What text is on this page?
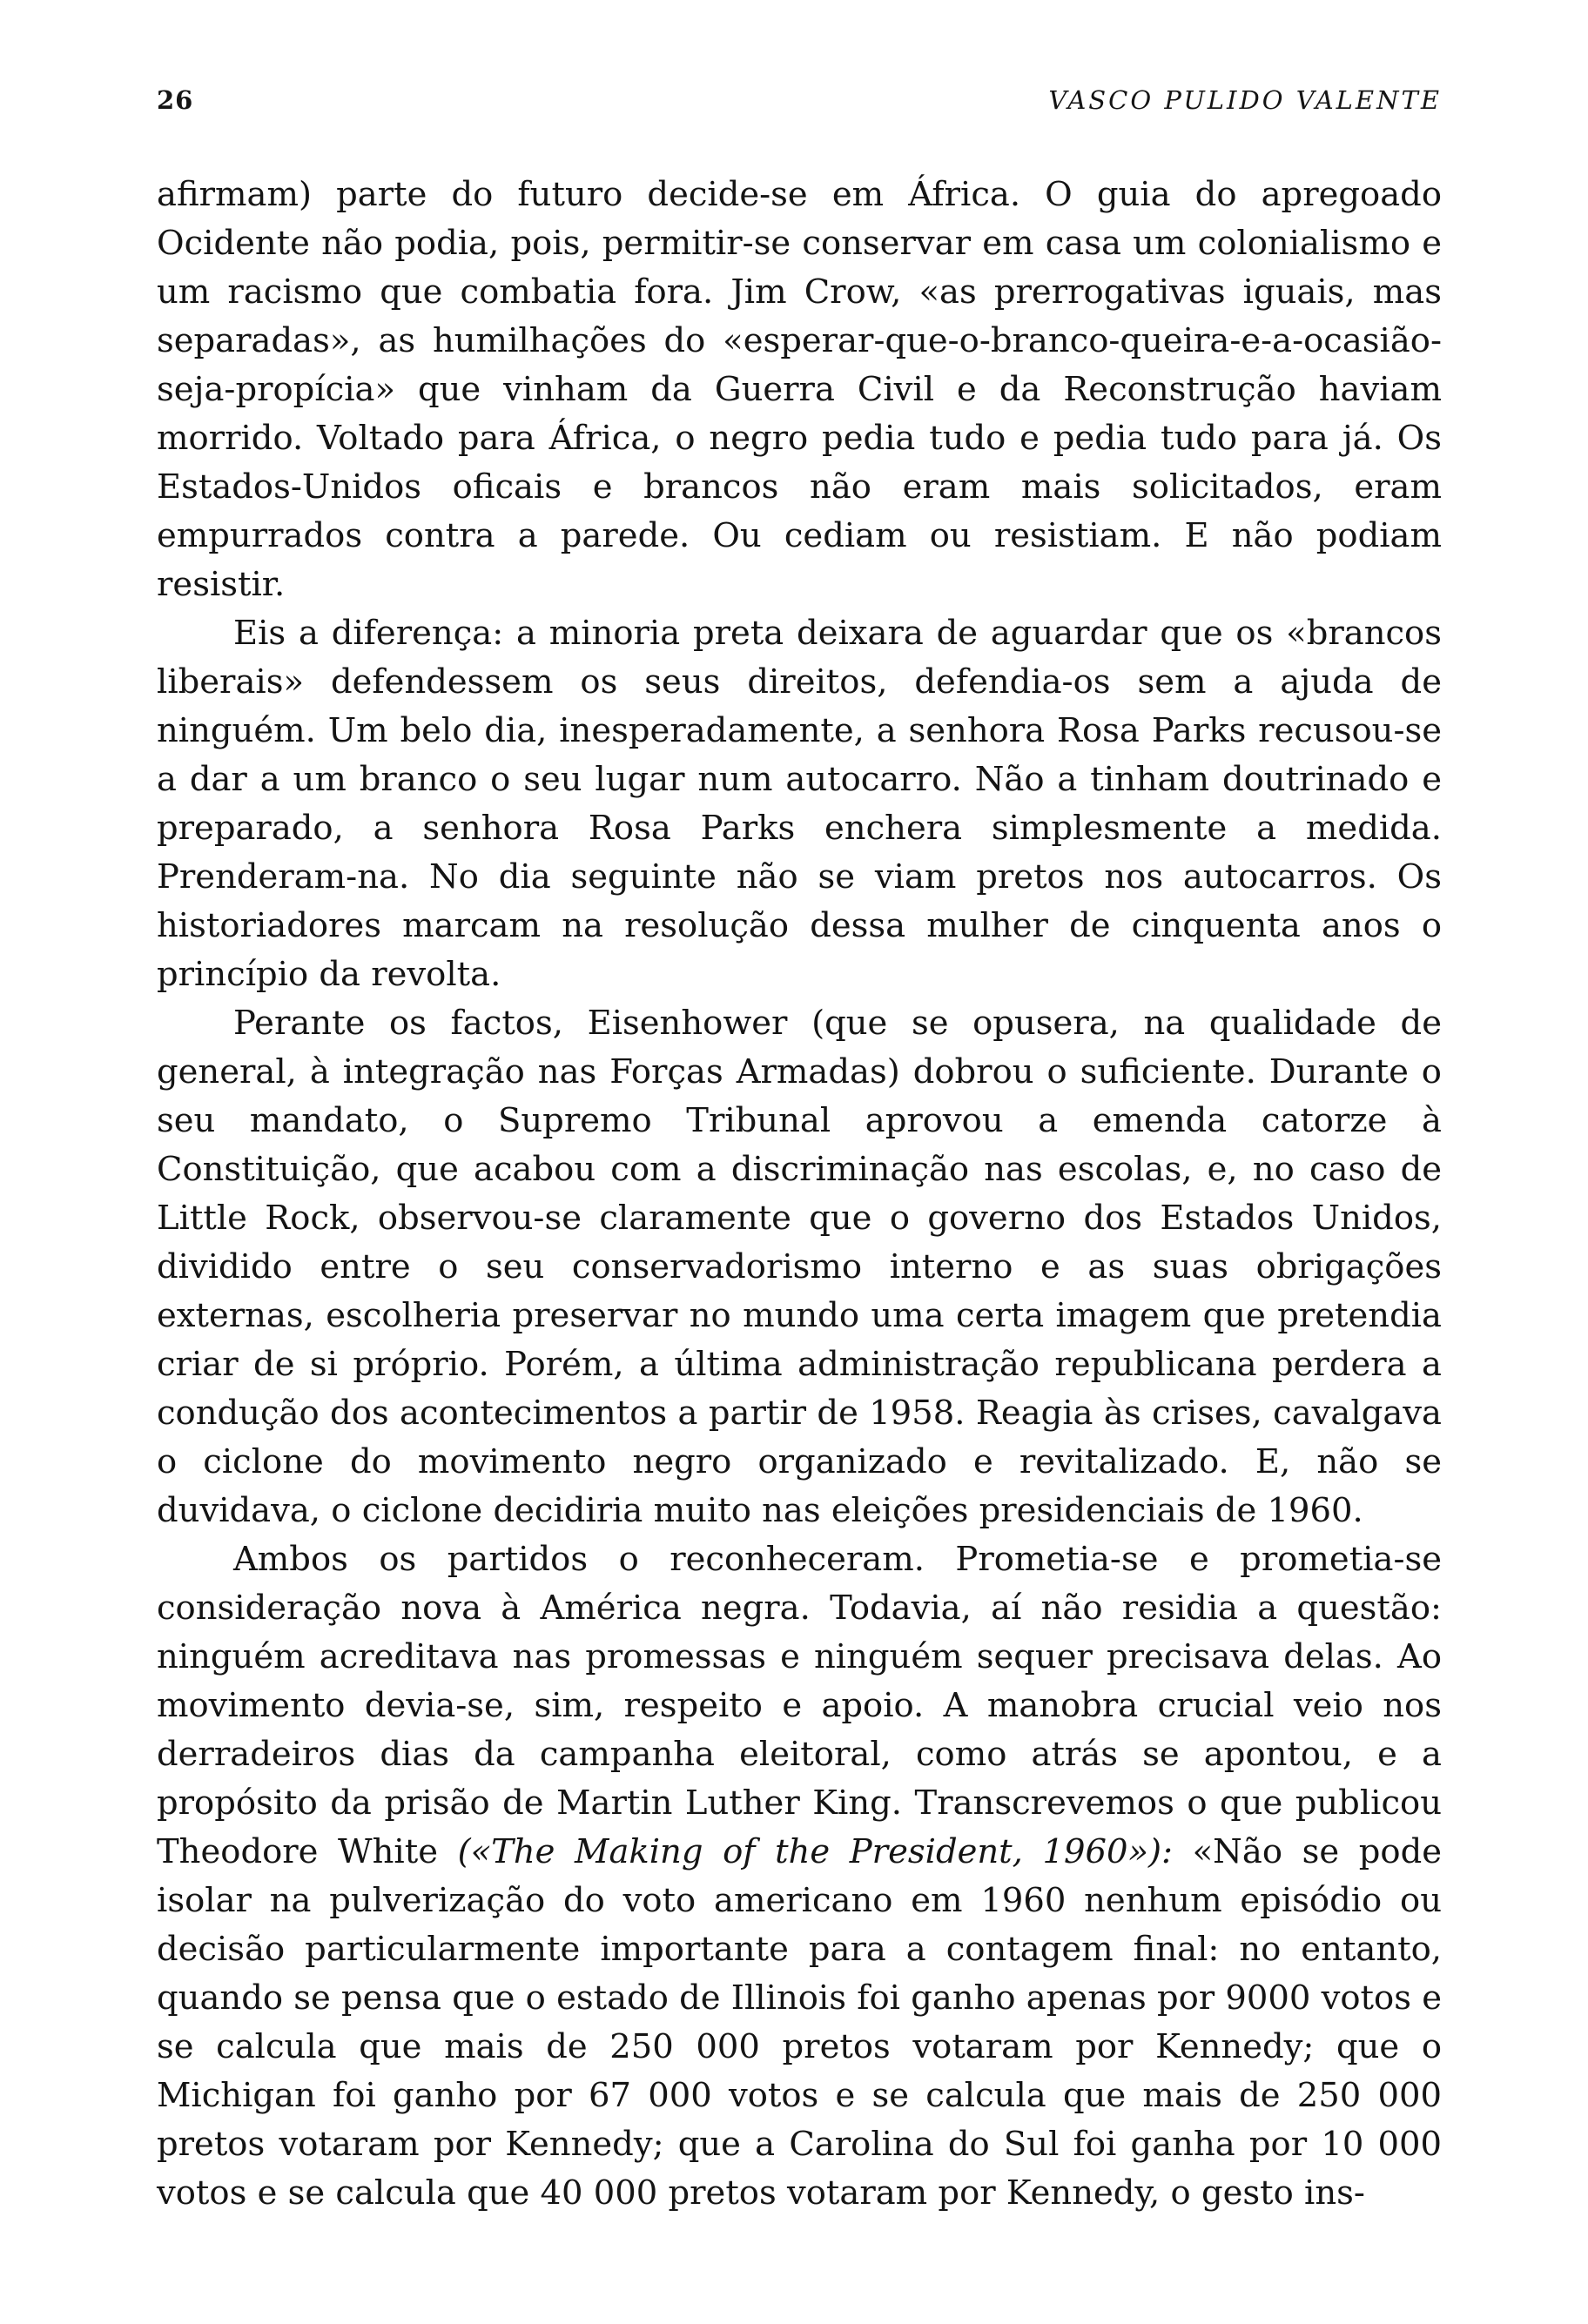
26	VASCO PULIDO VALENTE

afirmam) parte do futuro decide-se em África. O guia do apregoado Ocidente não podia, pois, permitir-se conservar em casa um colonialismo e um racismo que combatia fora. Jim Crow, «as prerrogativas iguais, mas separadas», as humilhações do «esperar-que-o-branco-queira-e-a-ocasião-seja-propícia» que vinham da Guerra Civil e da Reconstrução haviam morrido. Voltado para África, o negro pedia tudo e pedia tudo para já. Os Estados-Unidos oficais e brancos não eram mais solicitados, eram empurrados contra a parede. Ou cediam ou resistiam. E não podiam resistir.

Eis a diferença: a minoria preta deixara de aguardar que os «brancos liberais» defendessem os seus direitos, defendia-os sem a ajuda de ninguém. Um belo dia, inesperadamente, a senhora Rosa Parks recusou-se a dar a um branco o seu lugar num autocarro. Não a tinham doutrinado e preparado, a senhora Rosa Parks enchera simplesmente a medida. Prenderam-na. No dia seguinte não se viam pretos nos autocarros. Os historiadores marcam na resolução dessa mulher de cinquenta anos o princípio da revolta.

Perante os factos, Eisenhower (que se opusera, na qualidade de general, à integração nas Forças Armadas) dobrou o suficiente. Durante o seu mandato, o Supremo Tribunal aprovou a emenda catorze à Constituição, que acabou com a discriminação nas escolas, e, no caso de Little Rock, observou-se claramente que o governo dos Estados Unidos, dividido entre o seu conservadorismo interno e as suas obrigações externas, escolheria preservar no mundo uma certa imagem que pretendia criar de si próprio. Porém, a última administração republicana perdera a condução dos acontecimentos a partir de 1958. Reagia às crises, cavalgava o ciclone do movimento negro organizado e revitalizado. E, não se duvidava, o ciclone decidiria muito nas eleições presidenciais de 1960.

Ambos os partidos o reconheceram. Prometia-se e prometia-se consideração nova à América negra. Todavia, aí não residia a questão: ninguém acreditava nas promessas e ninguém sequer precisava delas. Ao movimento devia-se, sim, respeito e apoio. A manobra crucial veio nos derradeiros dias da campanha eleitoral, como atrás se apontou, e a propósito da prisão de Martin Luther King. Transcrevemos o que publicou Theodore White («The Making of the President, 1960»): «Não se pode isolar na pulverização do voto americano em 1960 nenhum episódio ou decisão particularmente importante para a contagem final: no entanto, quando se pensa que o estado de Illinois foi ganho apenas por 9000 votos e se calcula que mais de 250 000 pretos votaram por Kennedy; que o Michigan foi ganho por 67 000 votos e se calcula que mais de 250 000 pretos votaram por Kennedy; que a Carolina do Sul foi ganha por 10 000 votos e se calcula que 40 000 pretos votaram por Kennedy, o gesto ins-
